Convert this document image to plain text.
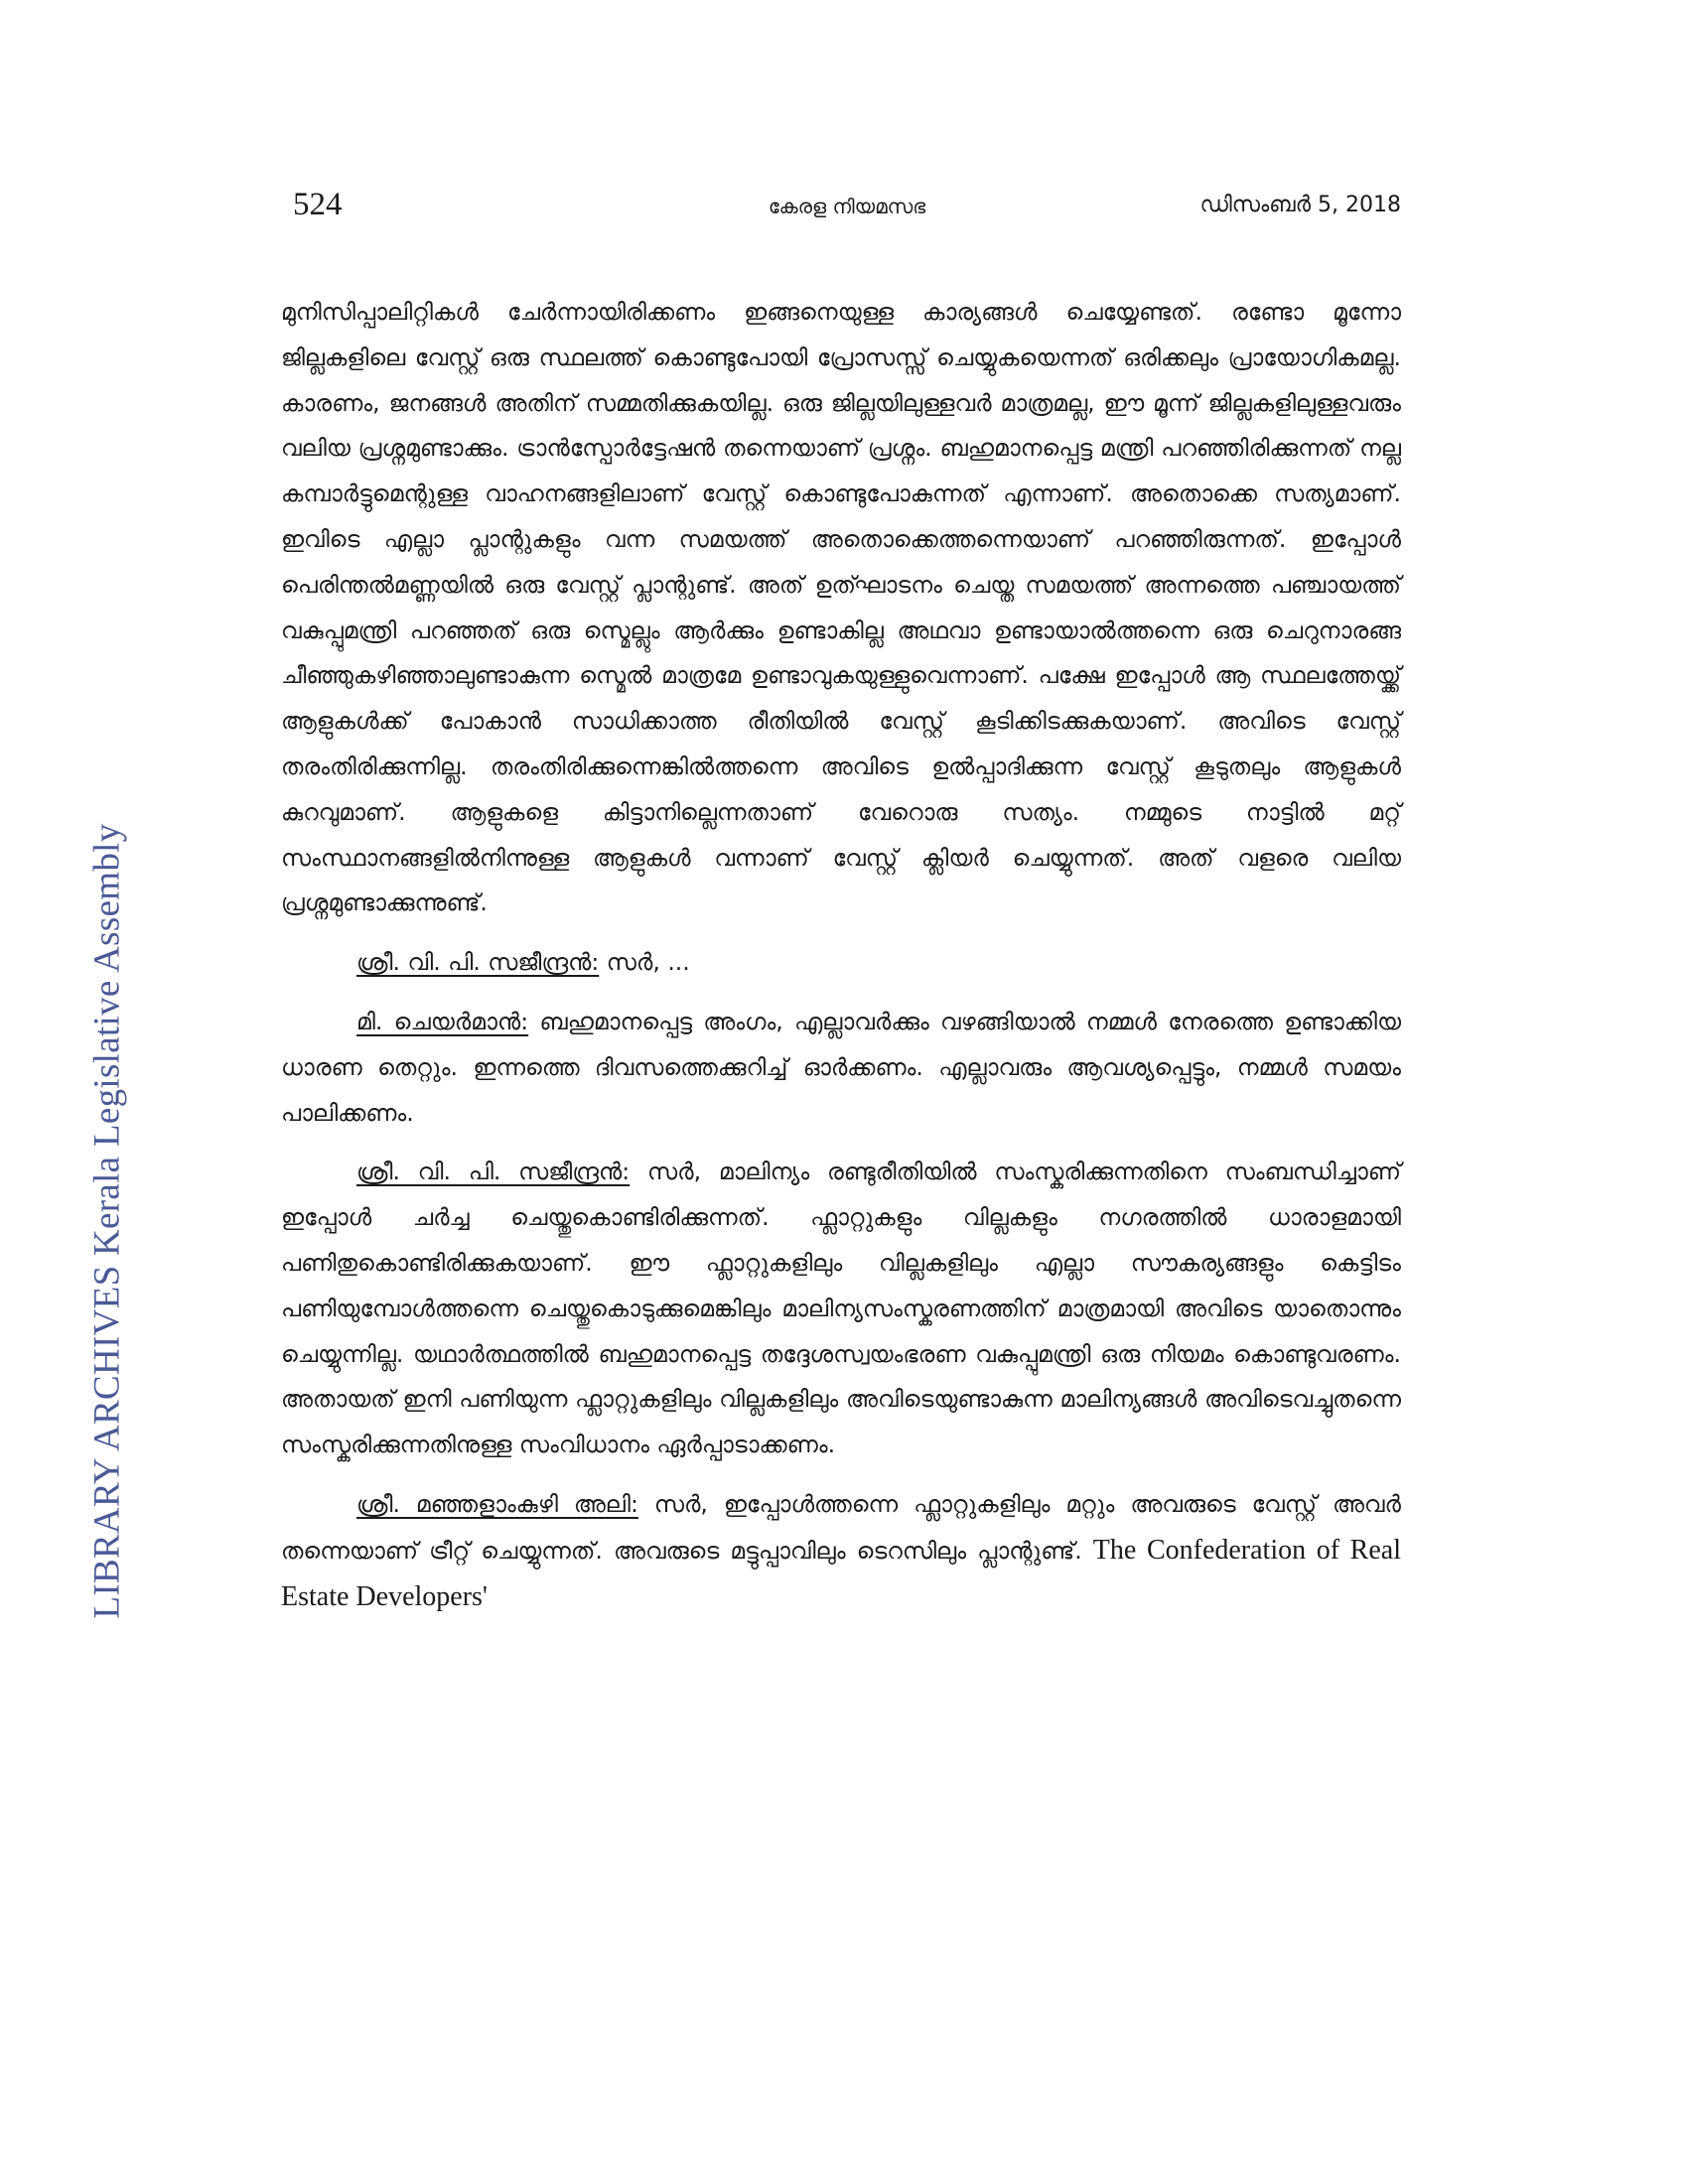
524	കേരള നിയമസഭ	ഡിസംബർ 5, 2018
LIBRARY ARCHIVES Kerala Legislative Assembly

മുനിസിപ്പാലിറ്റികൾ ചേർന്നായിരിക്കണം ഇങ്ങനെയുള്ള കാര്യങ്ങൾ ചെയ്യേണ്ടത്. രണ്ടോ മൂന്നോ ജില്ലകളിലെ വേസ്റ്റ് ഒരു സ്ഥലത്ത് കൊണ്ടുപോയി പ്രോസസ്സ് ചെയ്യുകയെന്നത് ഒരിക്കലും പ്രായോഗികമല്ല. കാരണം, ജനങ്ങൾ അതിന് സമ്മതിക്കുകയില്ല. ഒരു ജില്ലയിലുള്ളവർ മാത്രമല്ല, ഈ മൂന്ന് ജില്ലകളിലുള്ളവരും വലിയ പ്രശ്നമുണ്ടാക്കും. ട്രാൻസ്പോർട്ടേഷൻ തന്നെയാണ് പ്രശ്നം. ബഹുമാനപ്പെട്ട മന്ത്രി പറഞ്ഞിരിക്കുന്നത് നല്ല കമ്പാർട്ടുമെന്റുള്ള വാഹനങ്ങളിലാണ് വേസ്റ്റ് കൊണ്ടുപോകുന്നത് എന്നാണ്. അതൊക്കെ സത്യമാണ്. ഇവിടെ എല്ലാ പ്ലാന്റുകളും വന്ന സമയത്ത് അതൊക്കെത്തന്നെയാണ് പറഞ്ഞിരുന്നത്. ഇപ്പോൾ പെരിന്തൽമണ്ണയിൽ ഒരു വേസ്റ്റ് പ്ലാന്റുണ്ട്. അത് ഉത്ഘാടനം ചെയ്ത സമയത്ത് അന്നത്തെ പഞ്ചായത്ത് വകുപ്പുമന്ത്രി പറഞ്ഞത് ഒരു സ്മെല്ലും ആർക്കും ഉണ്ടാകില്ല അഥവാ ഉണ്ടായാൽത്തന്നെ ഒരു ചെറുനാരങ്ങ ചീഞ്ഞുകഴിഞ്ഞാലുണ്ടാകുന്ന സ്മെൽ മാത്രമേ ഉണ്ടാവുകയുള്ളുവെന്നാണ്. പക്ഷേ ഇപ്പോൾ ആ സ്ഥലത്തേയ്ക്ക് ആളുകൾക്ക് പോകാൻ സാധിക്കാത്ത രീതിയിൽ വേസ്റ്റ് കൂടിക്കിടക്കുകയാണ്. അവിടെ വേസ്റ്റ് തരംതിരിക്കുന്നില്ല. തരംതിരിക്കുന്നെങ്കിൽത്തന്നെ അവിടെ ഉൽപ്പാദിക്കുന്ന വേസ്റ്റ് കൂടുതലും ആളുകൾ കുറവുമാണ്. ആളുകളെ കിട്ടാനില്ലെന്നതാണ് വേറൊരു സത്യം. നമ്മുടെ നാട്ടിൽ മറ്റ് സംസ്ഥാനങ്ങളിൽനിന്നുള്ള ആളുകൾ വന്നാണ് വേസ്റ്റ് ക്ലിയർ ചെയ്യുന്നത്. അത് വളരെ വലിയ പ്രശ്നമുണ്ടാക്കുന്നുണ്ട്.

ശ്രീ. വി. പി. സജീന്ദ്രൻ: സർ, ...

മി. ചെയർമാൻ: ബഹുമാനപ്പെട്ട അംഗം, എല്ലാവർക്കും വഴങ്ങിയാൽ നമ്മൾ നേരത്തെ ഉണ്ടാക്കിയ ധാരണ തെറ്റും. ഇന്നത്തെ ദിവസത്തെക്കുറിച്ച് ഓർക്കണം. എല്ലാവരും ആവശ്യപ്പെട്ടും, നമ്മൾ സമയം പാലിക്കണം.

ശ്രീ. വി. പി. സജീന്ദ്രൻ: സർ, മാലിന്യം രണ്ടുരീതിയിൽ സംസ്കരിക്കുന്നതിനെ സംബന്ധിച്ചാണ് ഇപ്പോൾ ചർച്ച ചെയ്തുകൊണ്ടിരിക്കുന്നത്. ഫ്ലാറ്റുകളും വില്ലകളും നഗരത്തിൽ ധാരാളമായി പണിതുകൊണ്ടിരിക്കുകയാണ്. ഈ ഫ്ലാറ്റുകളിലും വില്ലകളിലും എല്ലാ സൗകര്യങ്ങളും കെട്ടിടം പണിയുമ്പോൾത്തന്നെ ചെയ്തുകൊടുക്കുമെങ്കിലും മാലിന്യസംസ്കരണത്തിന് മാത്രമായി അവിടെ യാതൊന്നും ചെയ്യുന്നില്ല. യഥാർത്ഥത്തിൽ ബഹുമാനപ്പെട്ട തദ്ദേശസ്വയംഭരണ വകുപ്പുമന്ത്രി ഒരു നിയമം കൊണ്ടുവരണം. അതായത് ഇനി പണിയുന്ന ഫ്ലാറ്റുകളിലും വില്ലകളിലും അവിടെയുണ്ടാകുന്ന മാലിന്യങ്ങൾ അവിടെവച്ചുതന്നെ സംസ്കരിക്കുന്നതിനുള്ള സംവിധാനം ഏർപ്പാടാക്കണം.

ശ്രീ. മഞ്ഞളാംകുഴി അലി: സർ, ഇപ്പോൾത്തന്നെ ഫ്ലാറ്റുകളിലും മറ്റും അവരുടെ വേസ്റ്റ് അവർ തന്നെയാണ് ട്രീറ്റ് ചെയ്യുന്നത്. അവരുടെ മട്ടുപ്പാവിലും ടെറസിലും പ്ലാന്റുണ്ട്. The Confederation of Real Estate Developers'
